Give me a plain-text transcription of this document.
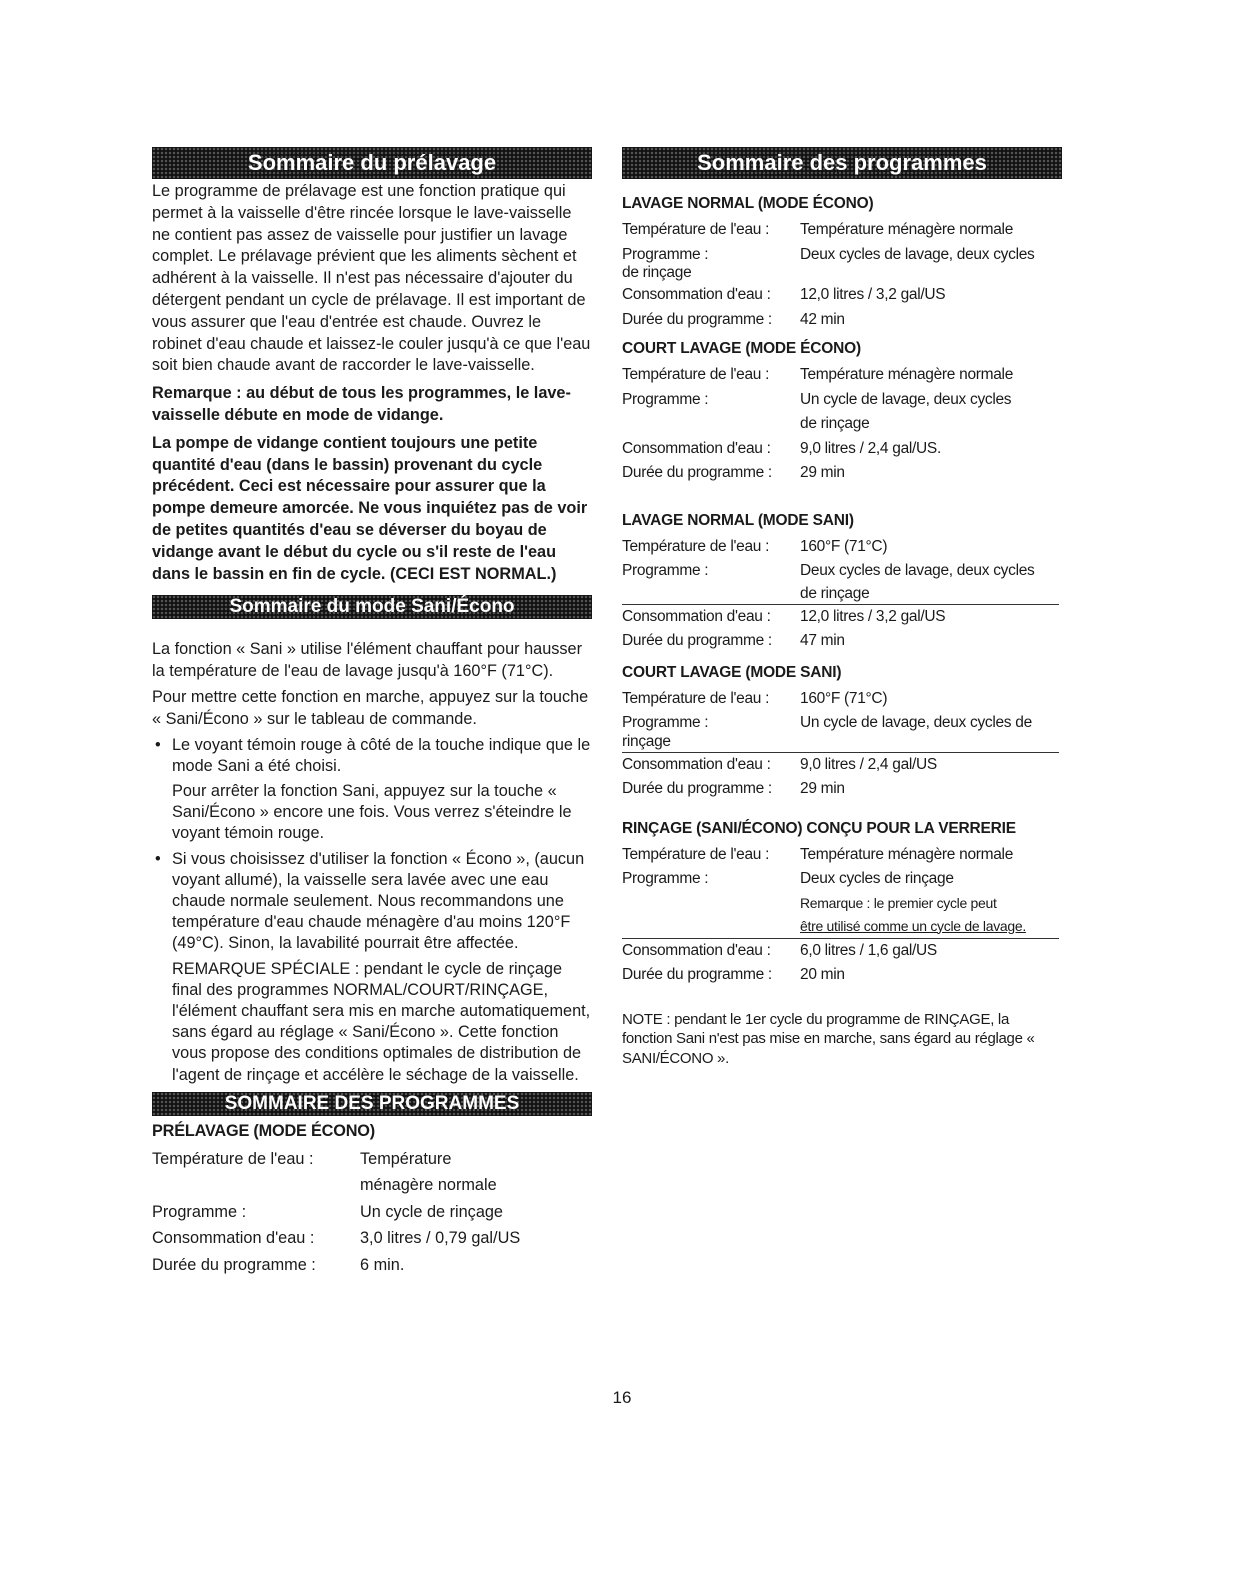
Sommaire du prélavage

Le programme de prélavage est une fonction pratique qui permet à la vaisselle d'être rincée lorsque le lave-vaisselle ne contient pas assez de vaisselle pour justifier un lavage complet. Le prélavage prévient que les aliments sèchent et adhérent à la vaisselle. Il n'est pas nécessaire d'ajouter du détergent pendant un cycle de prélavage. Il est important de vous assurer que l'eau d'entrée est chaude. Ouvrez le robinet d'eau chaude et laissez-le couler jusqu'à ce que l'eau soit bien chaude avant de raccorder le lave-vaisselle.

Remarque : au début de tous les programmes, le lave-vaisselle débute en mode de vidange.

La pompe de vidange contient toujours une petite quantité d'eau (dans le bassin) provenant du cycle précédent. Ceci est nécessaire pour assurer que la pompe demeure amorcée. Ne vous inquiétez pas de voir de petites quantités d'eau se déverser du boyau de vidange avant le début du cycle ou s'il reste de l'eau dans le bassin en fin de cycle. (CECI EST NORMAL.)

Sommaire du mode Sani/Écono

La fonction « Sani » utilise l'élément chauffant pour hausser la température de l'eau de lavage jusqu'à 160°F (71°C).

Pour mettre cette fonction en marche, appuyez sur la touche « Sani/Écono » sur le tableau de commande.

• Le voyant témoin rouge à côté de la touche indique que le mode Sani a été choisi.
Pour arrêter la fonction Sani, appuyez sur la touche « Sani/Écono » encore une fois. Vous verrez s'éteindre le voyant témoin rouge.
• Si vous choisissez d'utiliser la fonction « Écono », (aucun voyant allumé), la vaisselle sera lavée avec une eau chaude normale seulement. Nous recommandons une température d'eau chaude ménagère d'au moins 120°F (49°C). Sinon, la lavabilité pourrait être affectée.
REMARQUE SPÉCIALE : pendant le cycle de rinçage final des programmes NORMAL/COURT/RINÇAGE, l'élément chauffant sera mis en marche automatiquement, sans égard au réglage « Sani/Écono ». Cette fonction vous propose des conditions optimales de distribution de l'agent de rinçage et accélère le séchage de la vaisselle.
SOMMAIRE DES PROGRAMMES
PRÉLAVAGE (MODE ÉCONO)
Température de l'eau :	Température ménagère normale
Programme :	Un cycle de rinçage
Consommation d'eau :	3,0 litres / 0,79 gal/US
Durée du programme :	6 min.
Sommaire des programmes
LAVAGE NORMAL (MODE ÉCONO)
Température de l'eau :	Température ménagère normale
Programme :	Deux cycles de lavage, deux cycles
de rinçage
Consommation d'eau :	12,0 litres / 3,2 gal/US
Durée du programme :	42 min
COURT LAVAGE (MODE ÉCONO)
Température de l'eau :	Température ménagère normale
Programme :	Un cycle de lavage, deux cycles
de rinçage
Consommation d'eau :	9,0 litres / 2,4 gal/US.
Durée du programme :	29 min
LAVAGE NORMAL (MODE SANI)
Température de l'eau :	160°F (71°C)
Programme :	Deux cycles de lavage, deux cycles
de rinçage
Consommation d'eau :	12,0 litres / 3,2 gal/US
Durée du programme :	47 min
COURT LAVAGE (MODE SANI)
Température de l'eau :	160°F (71°C)
Programme :	Un cycle de lavage, deux cycles de
rinçage
Consommation d'eau :	9,0 litres / 2,4 gal/US
Durée du programme :	29 min
RINÇAGE (SANI/ÉCONO) CONÇU POUR LA VERRERIE
Température de l'eau :	Température ménagère normale
Programme :	Deux cycles de rinçage
Remarque : le premier cycle peut
être utilisé comme un cycle de lavage.
Consommation d'eau :	6,0 litres / 1,6 gal/US
Durée du programme :	20 min

NOTE : pendant le 1er cycle du programme de RINÇAGE, la fonction Sani n'est pas mise en marche, sans égard au réglage « SANI/ÉCONO ».

16
